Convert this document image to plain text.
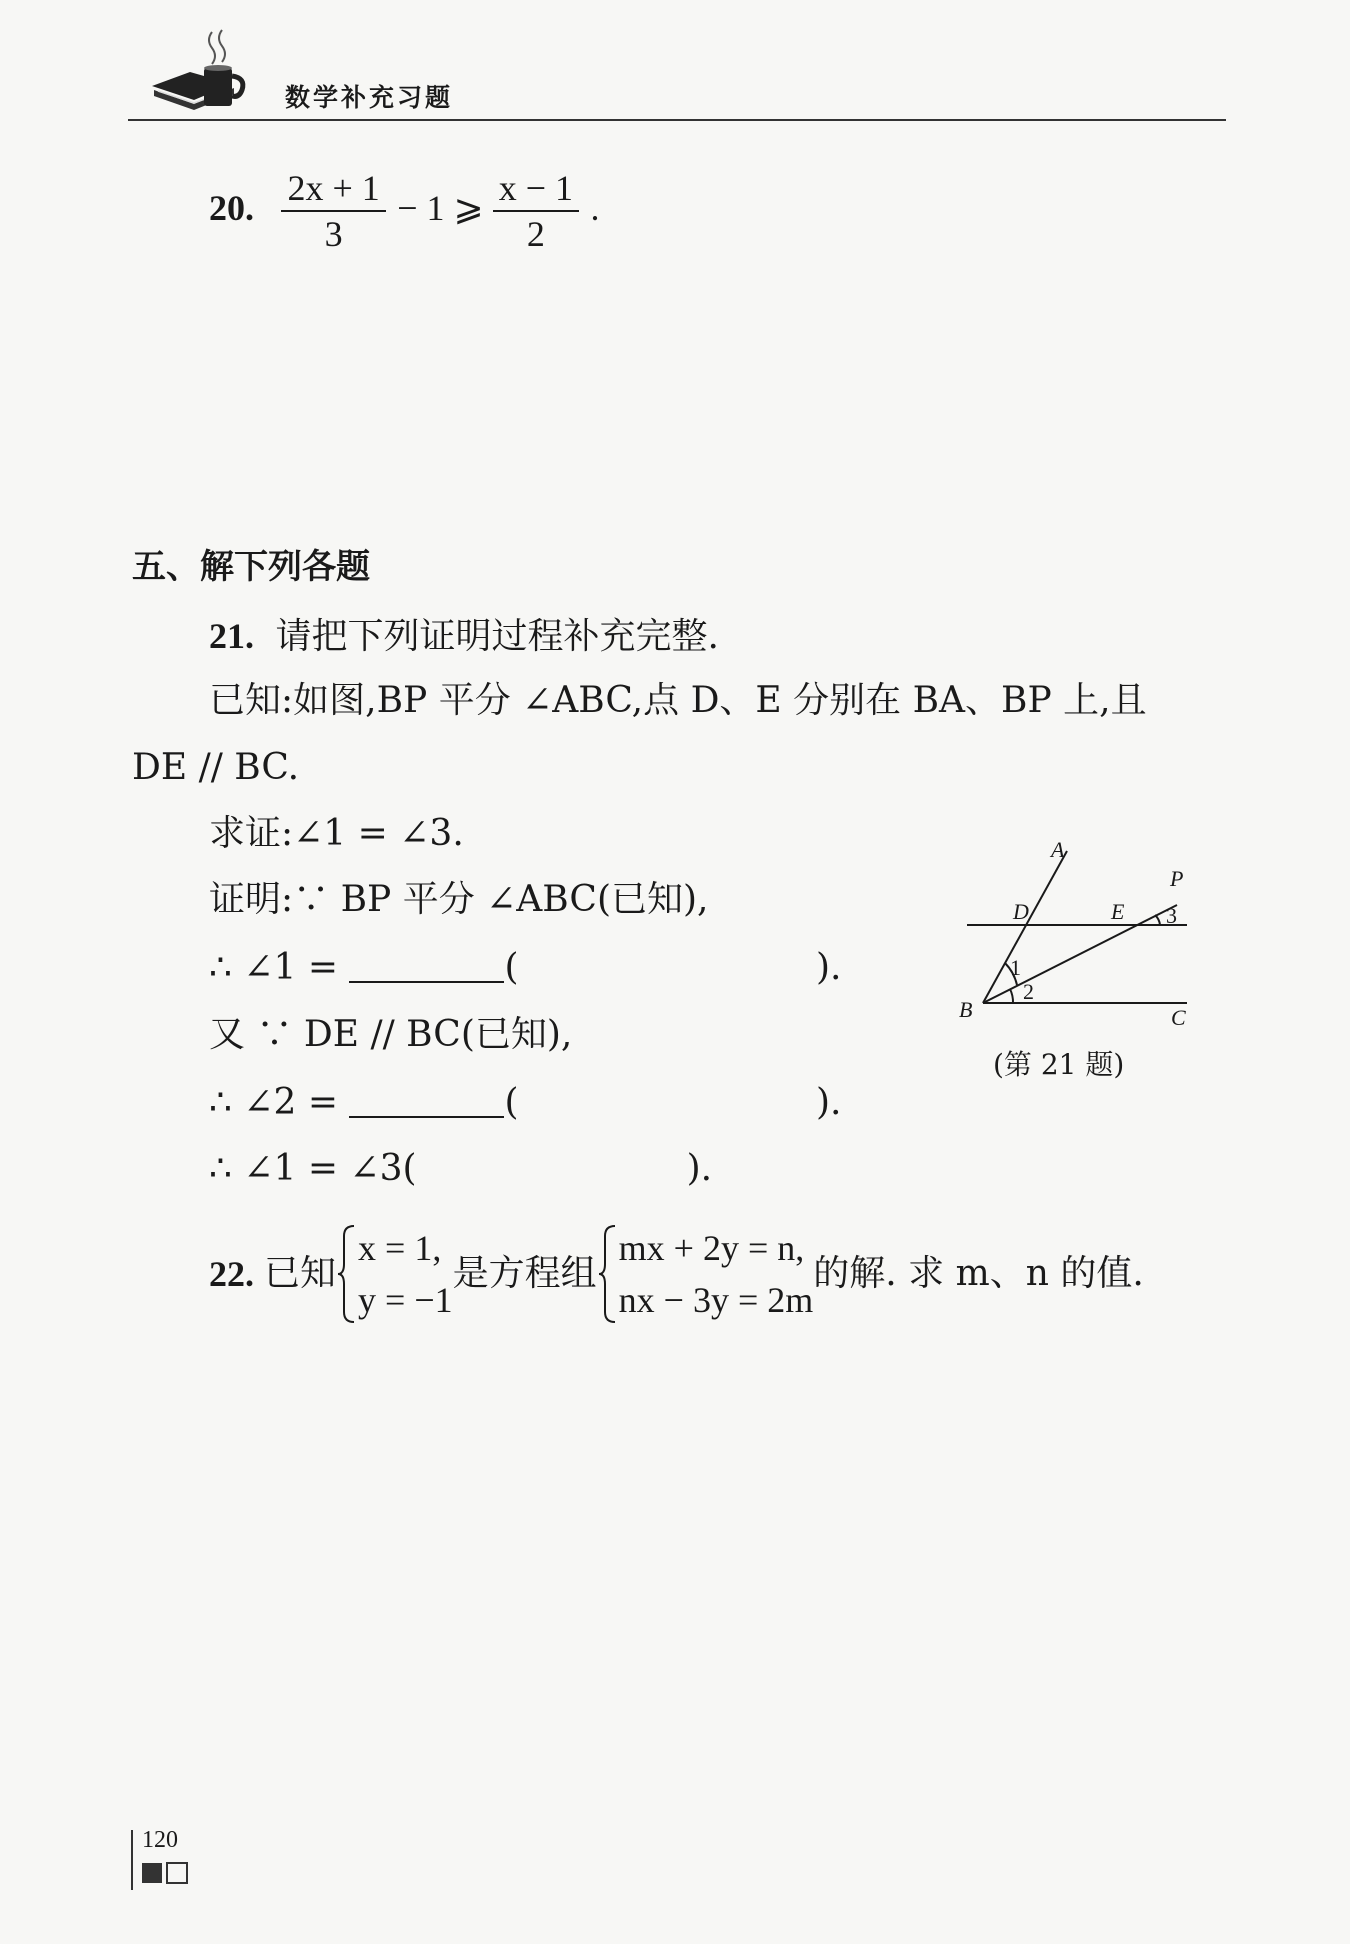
数学补充习题
20. $\frac{2x + 1}{3} - 1$ ⩾ $\frac{x - 1}{2}$ .
五、解下列各题
21. 请把下列证明过程补充完整.
已知:如图,BP 平分 ∠ABC,点 D、E 分别在 BA、BP 上,且
DE // BC.
求证:∠1 = ∠3.
证明:∵ BP 平分 ∠ABC(已知),
∴ ∠1 =	(	).
又 ∵ DE // BC(已知),
∴ ∠2 =	(	).
∴ ∠1 = ∠3(	).
A
P
D	E 3
1
2
B	C
(第 21 题)
22. 已知
x = 1,
y = −1
是方程组
mx + 2y = n,
nx − 3y = 2m
的解. 求 m、n 的值.
120
